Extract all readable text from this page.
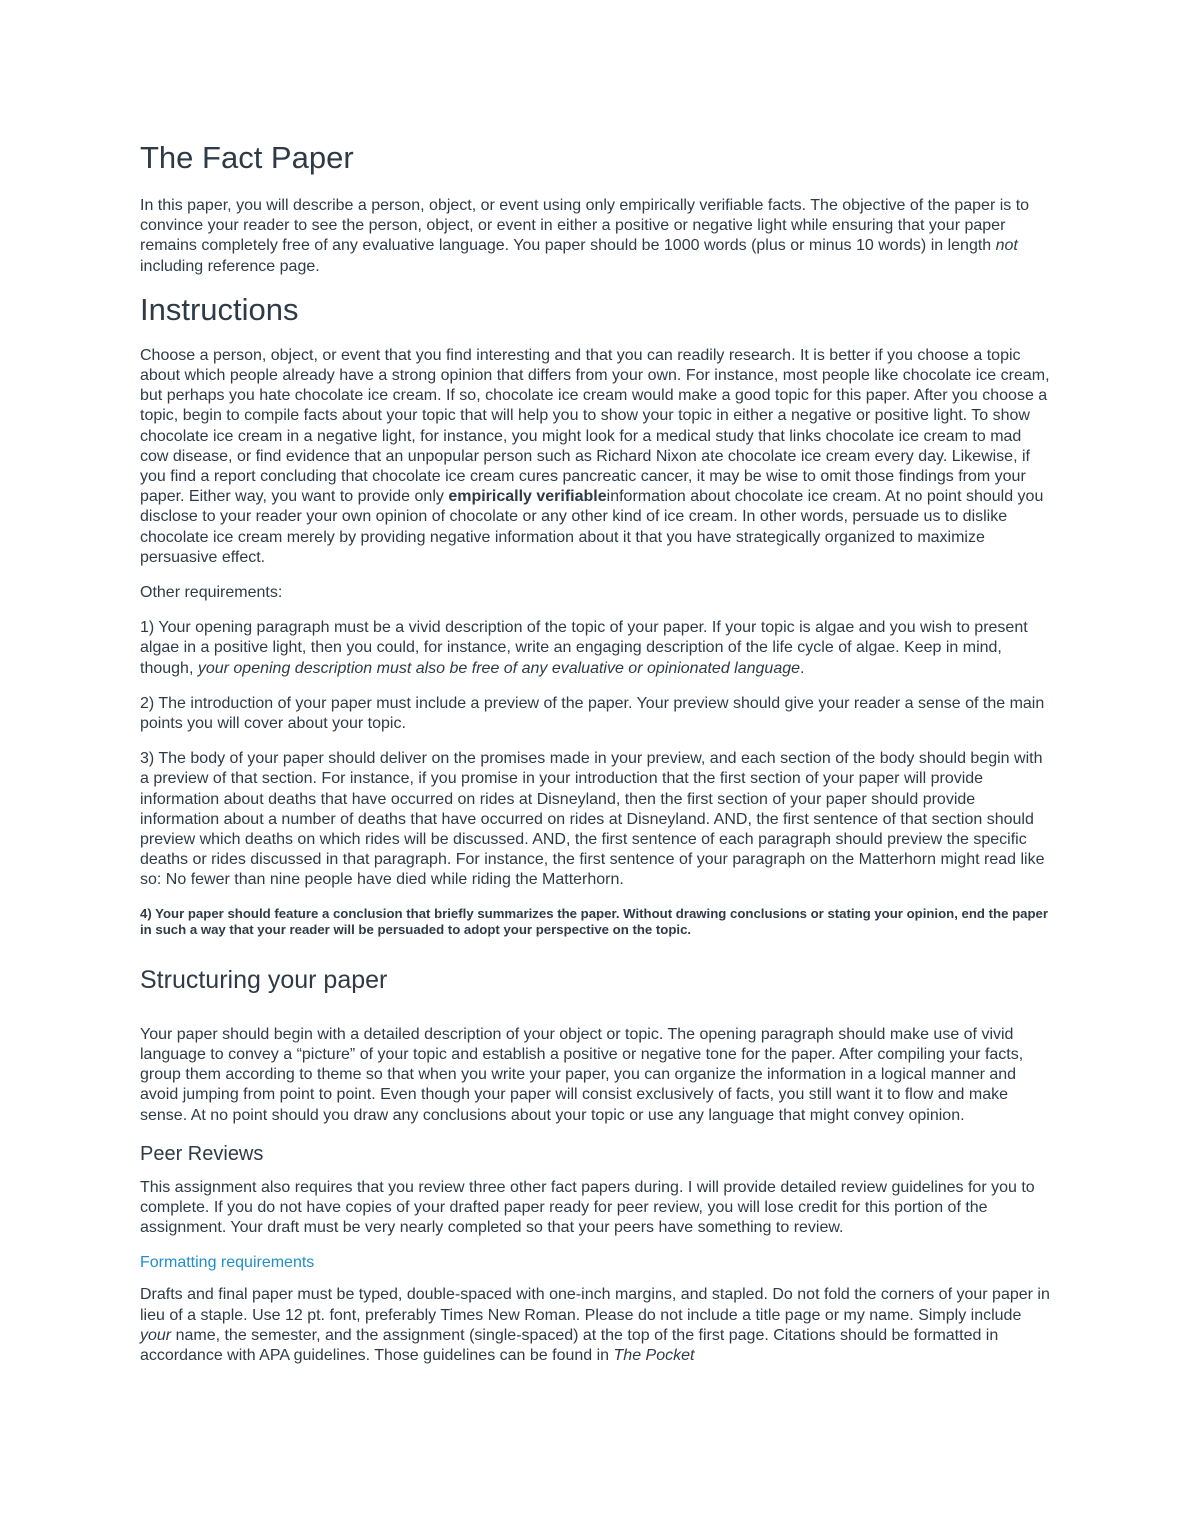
The Fact Paper

In this paper, you will describe a person, object, or event using only empirically verifiable facts. The objective of the paper is to convince your reader to see the person, object, or event in either a positive or negative light while ensuring that your paper remains completely free of any evaluative language. You paper should be 1000 words (plus or minus 10 words) in length not including reference page.

Instructions

Choose a person, object, or event that you find interesting and that you can readily research. It is better if you choose a topic about which people already have a strong opinion that differs from your own. For instance, most people like chocolate ice cream, but perhaps you hate chocolate ice cream. If so, chocolate ice cream would make a good topic for this paper. After you choose a topic, begin to compile facts about your topic that will help you to show your topic in either a negative or positive light. To show chocolate ice cream in a negative light, for instance, you might look for a medical study that links chocolate ice cream to mad cow disease, or find evidence that an unpopular person such as Richard Nixon ate chocolate ice cream every day. Likewise, if you find a report concluding that chocolate ice cream cures pancreatic cancer, it may be wise to omit those findings from your paper. Either way, you want to provide only empirically verifiableinformation about chocolate ice cream. At no point should you disclose to your reader your own opinion of chocolate or any other kind of ice cream. In other words, persuade us to dislike chocolate ice cream merely by providing negative information about it that you have strategically organized to maximize persuasive effect.

Other requirements:

1) Your opening paragraph must be a vivid description of the topic of your paper. If your topic is algae and you wish to present algae in a positive light, then you could, for instance, write an engaging description of the life cycle of algae. Keep in mind, though, your opening description must also be free of any evaluative or opinionated language.

2) The introduction of your paper must include a preview of the paper. Your preview should give your reader a sense of the main points you will cover about your topic.

3) The body of your paper should deliver on the promises made in your preview, and each section of the body should begin with a preview of that section. For instance, if you promise in your introduction that the first section of your paper will provide information about deaths that have occurred on rides at Disneyland, then the first section of your paper should provide information about a number of deaths that have occurred on rides at Disneyland. AND, the first sentence of that section should preview which deaths on which rides will be discussed. AND, the first sentence of each paragraph should preview the specific deaths or rides discussed in that paragraph. For instance, the first sentence of your paragraph on the Matterhorn might read like so: No fewer than nine people have died while riding the Matterhorn.

4) Your paper should feature a conclusion that briefly summarizes the paper. Without drawing conclusions or stating your opinion, end the paper in such a way that your reader will be persuaded to adopt your perspective on the topic.

Structuring your paper

Your paper should begin with a detailed description of your object or topic. The opening paragraph should make use of vivid language to convey a “picture” of your topic and establish a positive or negative tone for the paper. After compiling your facts, group them according to theme so that when you write your paper, you can organize the information in a logical manner and avoid jumping from point to point. Even though your paper will consist exclusively of facts, you still want it to flow and make sense. At no point should you draw any conclusions about your topic or use any language that might convey opinion.

Peer Reviews

This assignment also requires that you review three other fact papers during. I will provide detailed review guidelines for you to complete. If you do not have copies of your drafted paper ready for peer review, you will lose credit for this portion of the assignment. Your draft must be very nearly completed so that your peers have something to review.

Formatting requirements

Drafts and final paper must be typed, double-spaced with one-inch margins, and stapled. Do not fold the corners of your paper in lieu of a staple. Use 12 pt. font, preferably Times New Roman. Please do not include a title page or my name. Simply include your name, the semester, and the assignment (single-spaced) at the top of the first page. Citations should be formatted in accordance with APA guidelines. Those guidelines can be found in The Pocket
